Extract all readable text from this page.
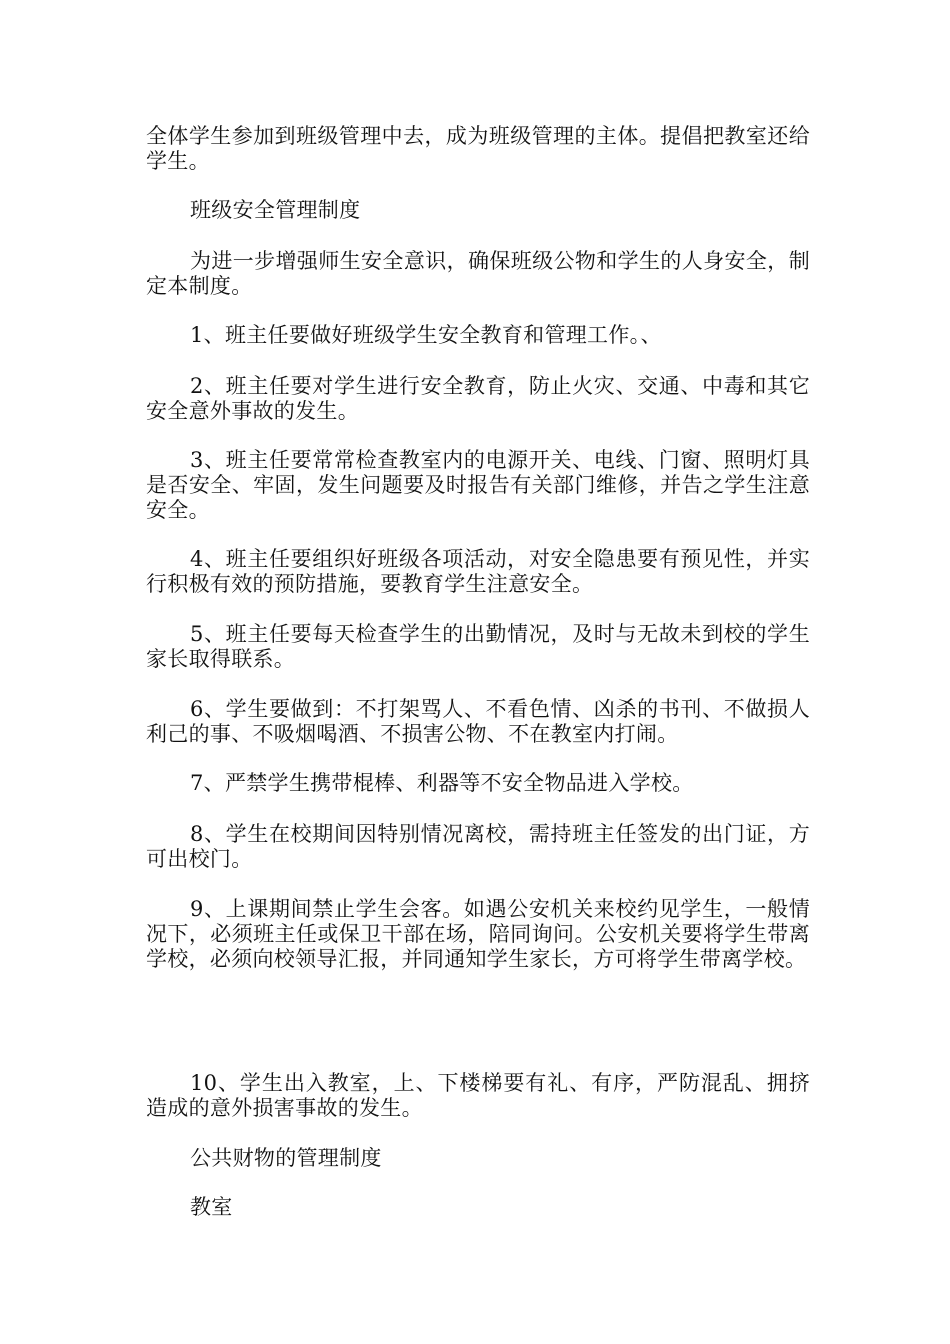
全体学生参加到班级管理中去，成为班级管理的主体。提倡把教室还给学生。

班级安全管理制度

为进一步增强师生安全意识，确保班级公物和学生的人身安全，制定本制度。

1、班主任要做好班级学生安全教育和管理工作。、

2、班主任要对学生进行安全教育，防止火灾、交通、中毒和其它安全意外事故的发生。

3、班主任要常常检查教室内的电源开关、电线、门窗、照明灯具是否安全、牢固，发生问题要及时报告有关部门维修，并告之学生注意安全。

4、班主任要组织好班级各项活动，对安全隐患要有预见性，并实行积极有效的预防措施，要教育学生注意安全。

5、班主任要每天检查学生的出勤情况，及时与无故未到校的学生家长取得联系。

6、学生要做到：不打架骂人、不看色情、凶杀的书刊、不做损人利己的事、不吸烟喝酒、不损害公物、不在教室内打闹。

7、严禁学生携带棍棒、利器等不安全物品进入学校。

8、学生在校期间因特别情况离校，需持班主任签发的出门证，方可出校门。

9、上课期间禁止学生会客。如遇公安机关来校约见学生，一般情况下，必须班主任或保卫干部在场，陪同询问。公安机关要将学生带离学校，必须向校领导汇报，并同通知学生家长，方可将学生带离学校。

10、学生出入教室，上、下楼梯要有礼、有序，严防混乱、拥挤造成的意外损害事故的发生。

公共财物的管理制度

教室
